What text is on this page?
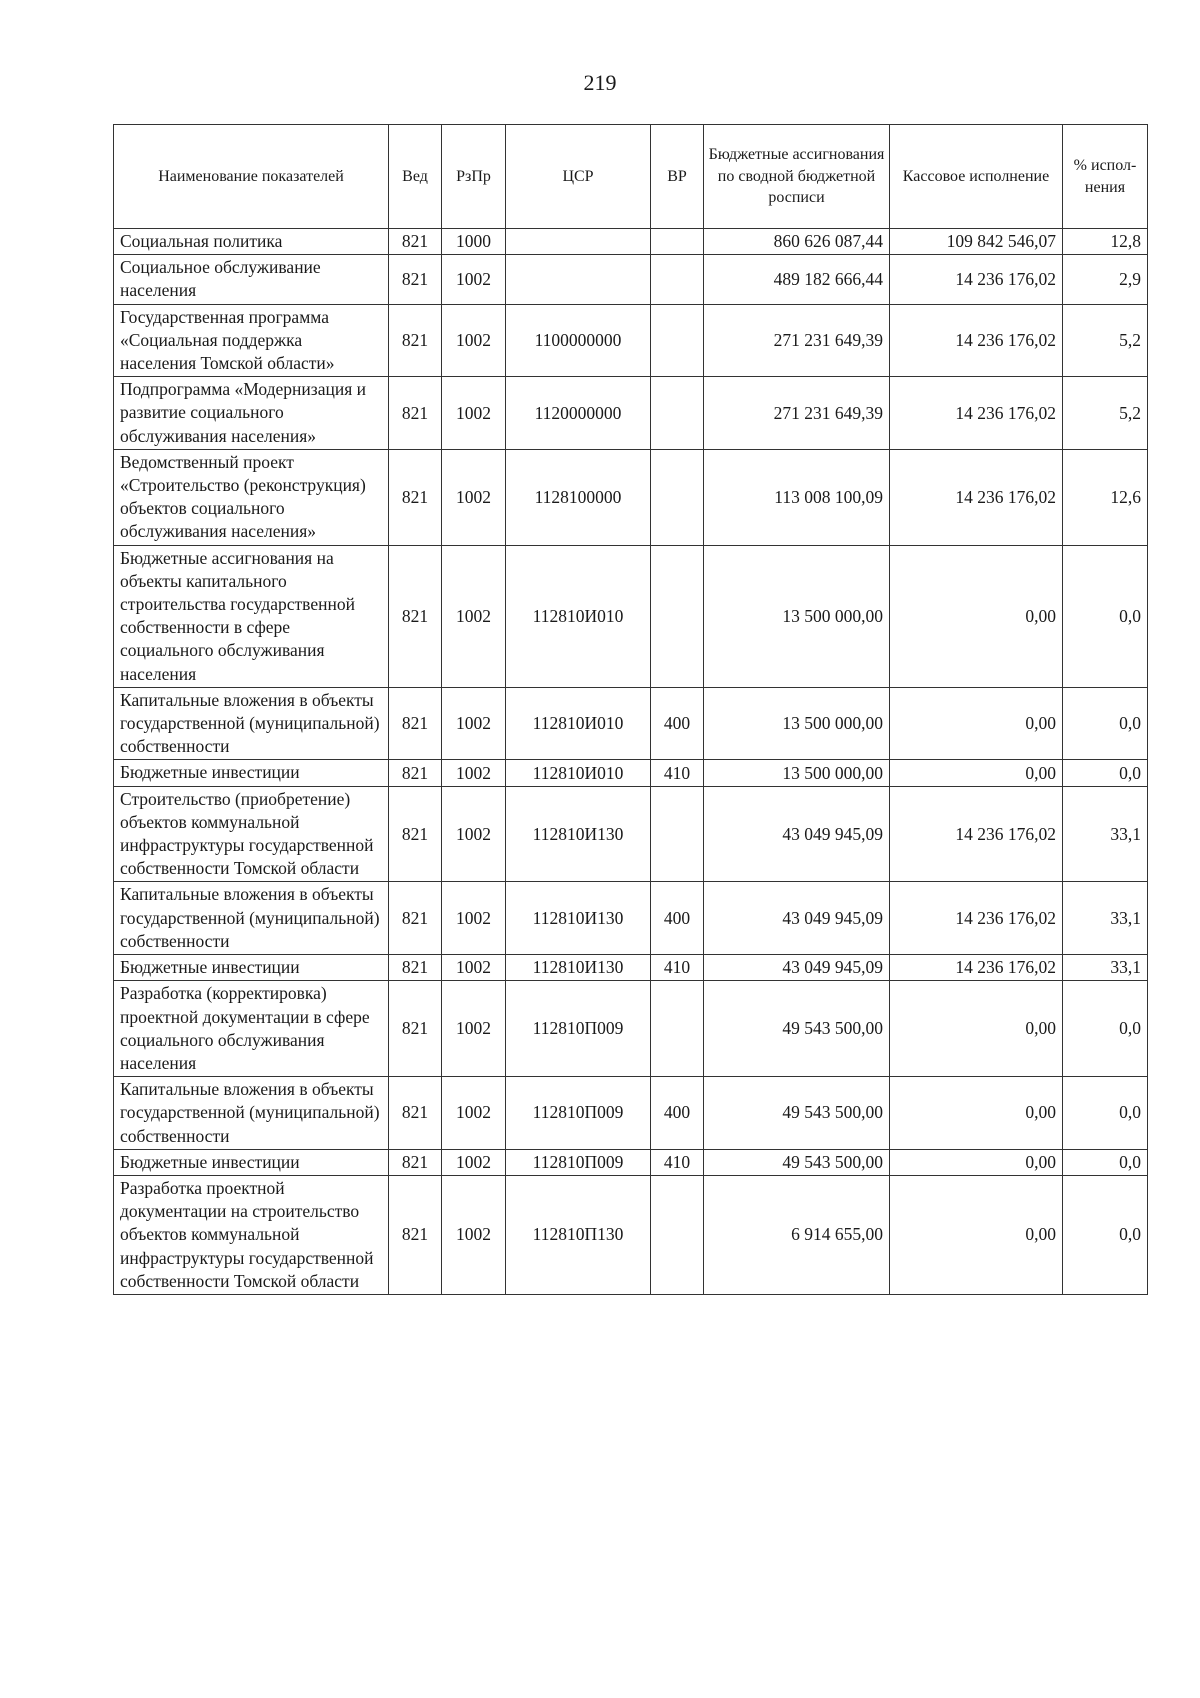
219
Наименование показателей	Вед	РзПр	ЦСР	ВР	Бюджетные ассигнования по сводной бюджетной росписи	Кассовое исполнение	% испол-нения
Социальная политика	821	1000			860 626 087,44	109 842 546,07	12,8
Социальное обслуживание населения	821	1002			489 182 666,44	14 236 176,02	2,9
Государственная программа «Социальная поддержка населения Томской области»	821	1002	1100000000		271 231 649,39	14 236 176,02	5,2
Подпрограмма «Модернизация и развитие социального обслуживания населения»	821	1002	1120000000		271 231 649,39	14 236 176,02	5,2
Ведомственный проект «Строительство (реконструкция) объектов социального обслуживания населения»	821	1002	1128100000		113 008 100,09	14 236 176,02	12,6
Бюджетные ассигнования на объекты капитального строительства государственной собственности в сфере социального обслуживания населения	821	1002	112810И010		13 500 000,00	0,00	0,0
Капитальные вложения в объекты государственной (муниципальной) собственности	821	1002	112810И010	400	13 500 000,00	0,00	0,0
Бюджетные инвестиции	821	1002	112810И010	410	13 500 000,00	0,00	0,0
Строительство (приобретение) объектов коммунальной инфраструктуры государственной собственности Томской области	821	1002	112810И130		43 049 945,09	14 236 176,02	33,1
Капитальные вложения в объекты государственной (муниципальной) собственности	821	1002	112810И130	400	43 049 945,09	14 236 176,02	33,1
Бюджетные инвестиции	821	1002	112810И130	410	43 049 945,09	14 236 176,02	33,1
Разработка (корректировка) проектной документации в сфере социального обслуживания населения	821	1002	112810П009		49 543 500,00	0,00	0,0
Капитальные вложения в объекты государственной (муниципальной) собственности	821	1002	112810П009	400	49 543 500,00	0,00	0,0
Бюджетные инвестиции	821	1002	112810П009	410	49 543 500,00	0,00	0,0
Разработка проектной документации на строительство объектов коммунальной инфраструктуры государственной собственности Томской области	821	1002	112810П130		6 914 655,00	0,00	0,0
